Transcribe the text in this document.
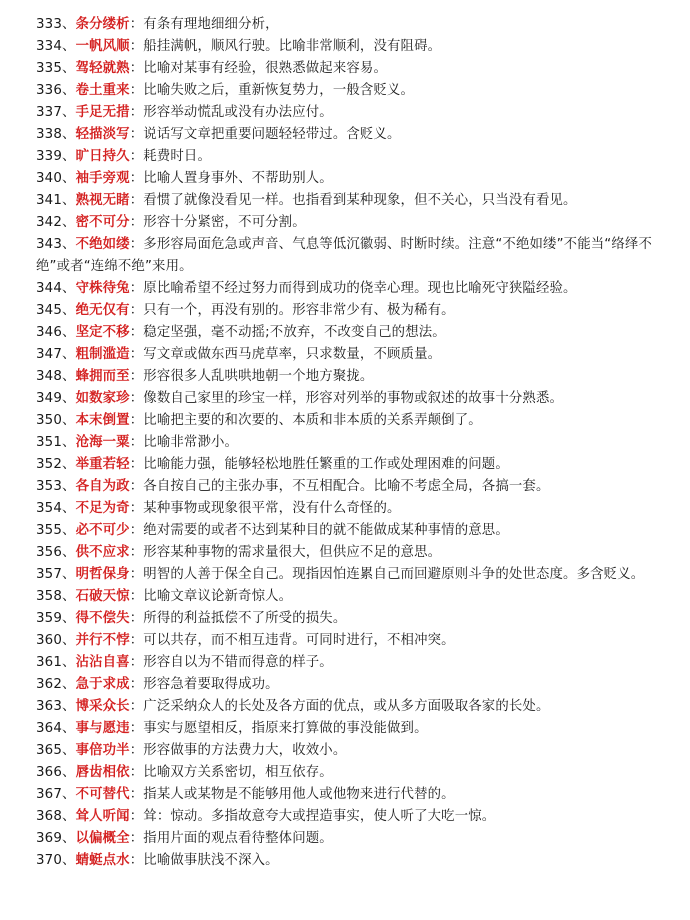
333、条分缕析：有条有理地细细分析，

334、一帆风顺：船挂满帆，顺风行驶。比喻非常顺利，没有阻碍。

335、驾轻就熟：比喻对某事有经验，很熟悉做起来容易。

336、卷土重来：比喻失败之后，重新恢复势力，一般含贬义。

337、手足无措：形容举动慌乱或没有办法应付。

338、轻描淡写：说话写文章把重要问题轻轻带过。含贬义。

339、旷日持久：耗费时日。

340、袖手旁观：比喻人置身事外、不帮助别人。

341、熟视无睹：看惯了就像没看见一样。也指看到某种现象，但不关心，只当没有看见。

342、密不可分：形容十分紧密，不可分割。

343、不绝如缕：多形容局面危急或声音、气息等低沉徽弱、时断时续。注意“不绝如缕”不能当“络绎不绝”或者“连绵不绝”来用。

344、守株待兔：原比喻希望不经过努力而得到成功的侥幸心理。现也比喻死守狭隘经验。

345、绝无仅有：只有一个，再没有别的。形容非常少有、极为稀有。

346、坚定不移：稳定坚强，毫不动摇;不放弃，不改变自己的想法。

347、粗制滥造：写文章或做东西马虎草率，只求数量，不顾质量。

348、蜂拥而至：形容很多人乱哄哄地朝一个地方聚拢。

349、如数家珍：像数自己家里的珍宝一样，形容对列举的事物或叙述的故事十分熟悉。

350、本末倒置：比喻把主要的和次要的、本质和非本质的关系弄颠倒了。

351、沧海一粟：比喻非常渺小。

352、举重若轻：比喻能力强，能够轻松地胜任繁重的工作或处理困难的问题。

353、各自为政：各自按自己的主张办事，不互相配合。比喻不考虑全局，各搞一套。

354、不足为奇：某种事物或现象很平常，没有什么奇怪的。

355、必不可少：绝对需要的或者不达到某种目的就不能做成某种事情的意思。

356、供不应求：形容某种事物的需求量很大，但供应不足的意思。

357、明哲保身：明智的人善于保全自己。现指因怕连累自己而回避原则斗争的处世态度。多含贬义。

358、石破天惊：比喻文章议论新奇惊人。

359、得不偿失：所得的利益抵偿不了所受的损失。

360、并行不悖：可以共存，而不相互违背。可同时进行，不相冲突。

361、沾沾自喜：形容自以为不错而得意的样子。

362、急于求成：形容急着要取得成功。

363、博采众长：广泛采纳众人的长处及各方面的优点，或从多方面吸取各家的长处。

364、事与愿违：事实与愿望相反，指原来打算做的事没能做到。

365、事倍功半：形容做事的方法费力大，收效小。

366、唇齿相依：比喻双方关系密切，相互依存。

367、不可替代：指某人或某物是不能够用他人或他物来进行代替的。

368、耸人听闻：耸：惊动。多指故意夸大或捏造事实，使人听了大吃一惊。

369、以偏概全：指用片面的观点看待整体问题。

370、蜻蜓点水：比喻做事肤浅不深入。
